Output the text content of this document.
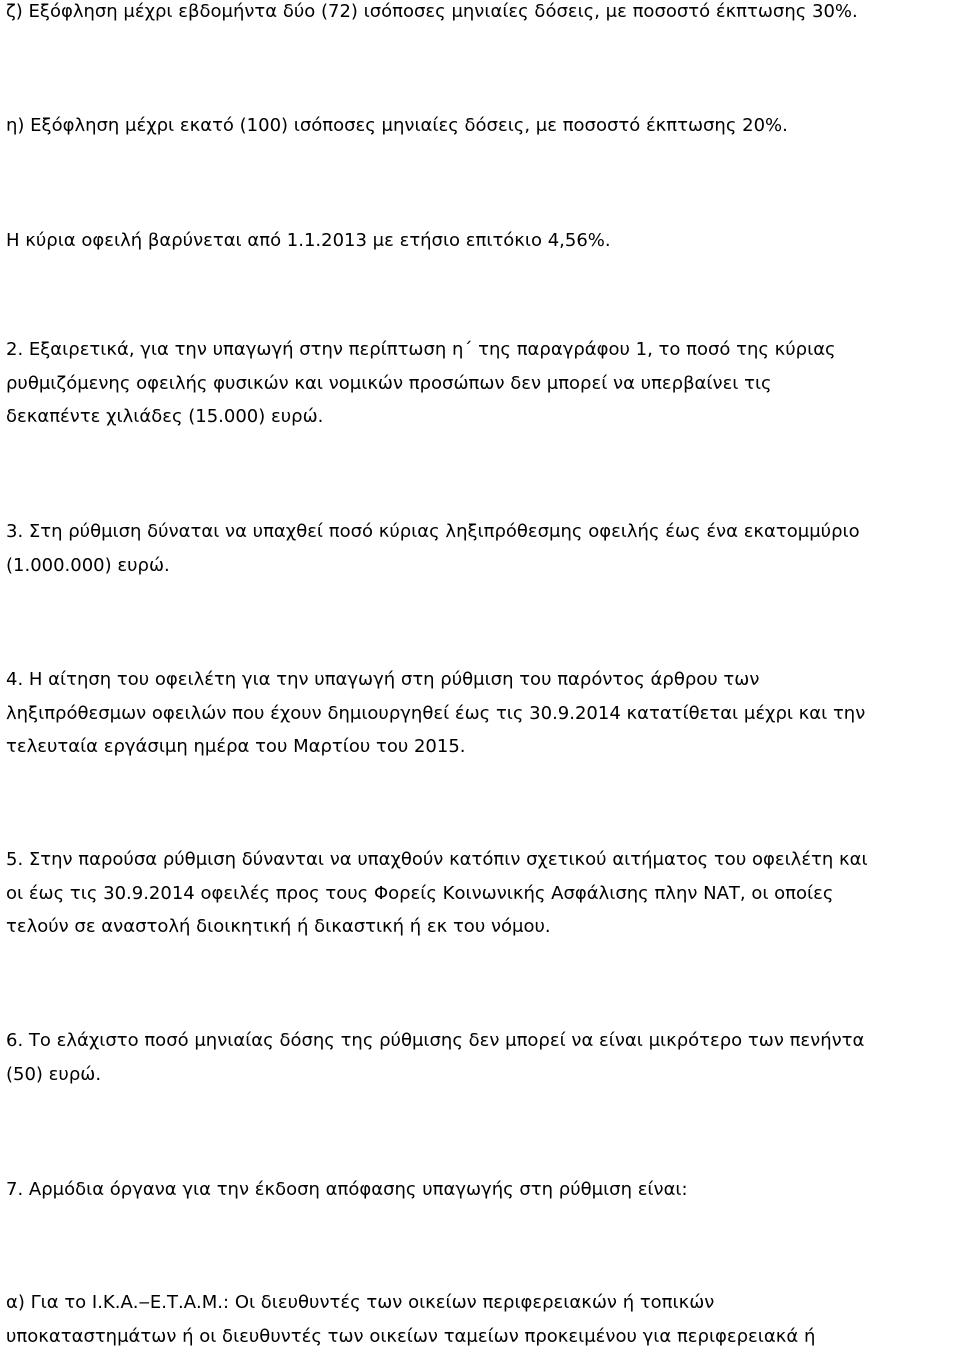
ζ) Εξόφληση μέχρι εβδομήντα δύο (72) ισόποσες μηνιαίες δόσεις, με ποσοστό έκπτωσης 30%.

η) Εξόφληση μέχρι εκατό (100) ισόποσες μηνιαίες δόσεις, με ποσοστό έκπτωσης 20%.

Η κύρια οφειλή βαρύνεται από 1.1.2013 με ετήσιο επιτόκιο 4,56%.

2. Εξαιρετικά, για την υπαγωγή στην περίπτωση η΄ της παραγράφου 1, το ποσό της κύριας
ρυθμιζόμενης οφειλής φυσικών και νομικών προσώπων δεν μπορεί να υπερβαίνει τις
δεκαπέντε χιλιάδες (15.000) ευρώ.

3. Στη ρύθμιση δύναται να υπαχθεί ποσό κύριας ληξιπρόθεσμης οφειλής έως ένα εκατομμύριο
(1.000.000) ευρώ.

4. Η αίτηση του οφειλέτη για την υπαγωγή στη ρύθμιση του παρόντος άρθρου των
ληξιπρόθεσμων οφειλών που έχουν δημιουργηθεί έως τις 30.9.2014 κατατίθεται μέχρι και την
τελευταία εργάσιμη ημέρα του Μαρτίου του 2015.

5. Στην παρούσα ρύθμιση δύνανται να υπαχθούν κατόπιν σχετικού αιτήματος του οφειλέτη και
οι έως τις 30.9.2014 οφειλές προς τους Φορείς Κοινωνικής Ασφάλισης πλην ΝΑΤ, οι οποίες
τελούν σε αναστολή διοικητική ή δικαστική ή εκ του νόμου.

6. Το ελάχιστο ποσό μηνιαίας δόσης της ρύθμισης δεν μπορεί να είναι μικρότερο των πενήντα
(50) ευρώ.

7. Αρμόδια όργανα για την έκδοση απόφασης υπαγωγής στη ρύθμιση είναι:

α) Για το Ι.Κ.Α.‒Ε.Τ.Α.Μ.: Οι διευθυντές των οικείων περιφερειακών ή τοπικών
υποκαταστημάτων ή οι διευθυντές των οικείων ταμείων προκειμένου για περιφερειακά ή
